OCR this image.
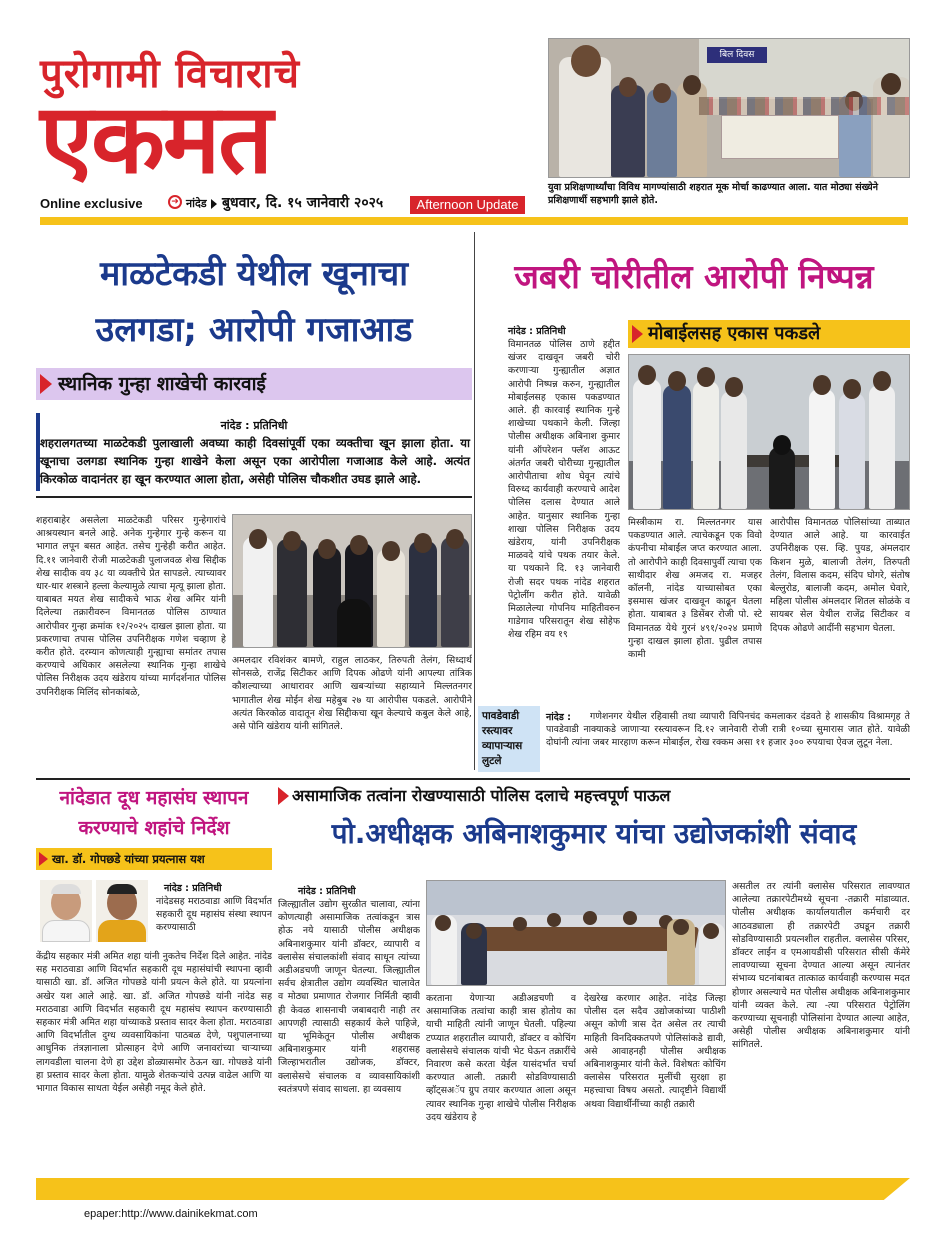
पुरोगामी विचाराचे
एकमत
Online exclusive	➜ नांदेड बुधवार, दि. १५ जानेवारी २०२५	Afternoon Update
बिल दिवस
युवा प्रशिक्षणार्थ्यांचा विविध मागण्यांसाठी शहरात मूक मोर्चा काढण्यात आला. यात मोठ्या संख्येने प्रशिक्षणार्थी सहभागी झाले होते.
माळटेकडी येथील खूनाचा
उलगडा; आरोपी गजाआड
स्थानिक गुन्हा शाखेची कारवाई
नांदेड : प्रतिनिधी
शहरालगतच्या माळटेकडी पुलाखाली अवघ्या काही दिवसांपूर्वी एका व्यक्तीचा खून झाला होता. या खूनाचा उलगडा स्थानिक गुन्हा शाखेने केला असून एका आरोपीला गजाआड केले आहे. अत्यंत किरकोळ वादानंतर हा खून करण्यात आला होता, असेही पोलिस चौकशीत उघड झाले आहे.
शहराबाहेर असलेला माळटेकडी परिसर गुन्हेगारांचे आश्रयस्थान बनले आहे. अनेक गुन्हेगार गुन्हे करून या भागात लपून बसत आहेत. तसेच गुन्हेही करीत आहेत. दि.११ जानेवारी रोजी माळटेकडी पुलाजवळ शेख सिद्दीक शेख सादीक वय ३८ या व्यक्तीचे प्रेत सापडले. त्याच्यावर धार-धार शस्त्राने हल्ला केल्यामुळे त्याचा मृत्यू झाला होता. याबाबत मयत शेख सादीकचे भाऊ शेख अमिर यांनी दिलेल्या तक्रारीवरुन विमानतळ पोलिस ठाण्यात आरोपीवर गुन्हा क्रमांक १२/२०२५ दाखल झाला होता. या प्रकरणाचा तपास पोलिस उपनिरीक्षक गणेश चव्हाण हे करीत होते. दरम्यान कोणत्याही गुन्ह्याचा समांतर तपास करण्याचे अधिकार असलेल्या स्थानिक गुन्हा शाखेचे पोलिस निरीक्षक उदय खंडेराय यांच्या मार्गदर्शनात पोलिस उपनिरीक्षक मिलिंद सोनकांबळे,
अमलदार रविशंकर बामणे, राहुल लाठकर, तिरुपती तेलंग, सिध्दार्थ सोनसळे, राजेंद्र सिटीकर आणि दिपक ओढणे यांनी आपल्या तांत्रिक कौशल्याच्या आधारावर आणि खबऱ्यांच्या सहाय्याने मिल्लतनगर भागातील शेख मोईन शेख महेबुब २७ या आरोपीस पकडले. आरोपीने अत्यंत किरकोळ वादातून शेख सिद्दीकचा खून केल्याचे कबुल केले आहे, असे पोनि खंडेराय यांनी सांगितले.
जबरी चोरीतील आरोपी निष्पन्न
नांदेड : प्रतिनिधी
विमानतळ पोलिस ठाणे हद्दीत खंजर दाखवून जबरी चोरी करणाऱ्या गुन्ह्यातील अज्ञात आरोपी निष्पन्न करुन, गुन्ह्यातील मोबाईलसह एकास पकडण्यात आले. ही कारवाई स्थानिक गुन्हे शाखेच्या पथकाने केली. जिल्हा पोलीस अधीक्षक अबिनाश कुमार यांनी ऑपरेशन फ्लॅश आऊट अंतर्गत जबरी चोरीच्या गुन्ह्यातील आरोपीताचा शोध घेवून त्यांचे विरुध्द कार्यवाही करण्याचे आदेश पोलिस दलास देण्यात आले आहेत. यानुसार स्थानिक गुन्हा शाखा पोलिस निरीक्षक उदय खंडेराय, यांनी उपनिरीक्षक माळवदे यांचे पथक तयार केले. या पथकाने दि. १३ जानेवारी रोजी सदर पथक नांदेड शहरात पेट्रोलींग करीत होते. यावेळी मिळालेल्या गोपनिय माहितीवरुन गाडेगाव परिसरातून शेख सोहेफ शेख रहिम वय १९
मोबाईलसह एकास पकडले
मिस्त्रीकाम रा. मिल्लतनगर यास पकडण्यात आले. त्याचेकडून एक विवो कंपनीचा मोबाईल जप्त करण्यात आला. तो आरोपीने काही दिवसापुर्वी त्याचा एक साथीदार शेख अमजद रा. मजहर कॉलनी, नांदेड याच्यासोबत एका इसमास खंजर दाखवून काढून घेतला होता. याबाबत ३ डिसेंबर रोजी पो. स्टे विमानतळ येथे गुरनं ४९१/२०२४ प्रमाणे गुन्हा दाखल झाला होता. पुढील तपास कामी
आरोपीस विमानतळ पोलिसांच्या ताब्यात देण्यात आले आहे. या कारवाईत उपनिरीक्षक एस. व्हि. पुयड, अंमलदार किशन मुळे, बालाजी तेलंग, तिरुपती तेलंग, विलास कदम, संदिप घोगरे, संतोष बेल्लुरोड, बालाजी कदम, अमोल घेवारे, महिला पोलीस अंमलदार शितल सोळंके व सायबर सेल येथील राजेंद्र सिटीकर व दिपक ओढणे आदींनी सहभाग घेतला.
पावडेवाडी रस्त्यावर व्यापाऱ्यास लुटले
नांदेड :	गणेशनगर येथील रहिवासी तथा व्यापारी विपिनचंद कमलाकर दंडवते हे शासकीय विश्रामगृह ते पावडेवाडी नाक्याकडे जाणाऱ्या रस्त्यावरून दि.१२ जानेवारी रोजी रात्री १०च्या सुमारास जात होते. यावेळी दोघांनी त्यांना जबर मारहाण करून मोबाईल, रोख रक्कम असा ११ हजार ३०० रुपयाचा ऐवज लुटून नेला.
नांदेडात दूध महासंघ स्थापन
करण्याचे शहांचे निर्देश
खा. डॉ. गोपछडे यांच्या प्रयत्नास यश
नांदेड : प्रतिनिधी
नांदेडसह मराठवाडा आणि विदर्भात सहकारी दूध महासंघ संस्था स्थापन करण्यासाठी
केंद्रीय सहकार मंत्री अमित शहा यांनी नुकतेच निर्देश दिले आहेत. नांदेड सह मराठवाडा आणि विदर्भात सहकारी दूध महासंघांची स्थापना व्हावी यासाठी खा. डॉ. अजित गोपछडे यांनी प्रयत्न केले होते. या प्रयत्नांना अखेर यश आले आहे. खा. डॉ. अजित गोपछडे यांनी नांदेड सह मराठवाडा आणि विदर्भात सहकारी दूध महासंघ स्थापन करण्यासाठी सहकार मंत्री अमित शहा यांच्याकडे प्रस्ताव सादर केला होता. मराठवाडा आणि विदर्भातील दुग्ध व्यवसायिकांना पाठबळ देणे, पशुपालनाच्या आधुनिक तंत्रज्ञानाला प्रोत्साहन देणे आणि जनावरांच्या चाऱ्याच्या लागवडीला चालना देणे हा उद्देश डोळ्यासमोर ठेऊन खा. गोपछडे यांनी हा प्रस्ताव सादर केला होता. यामुळे शेतकऱ्यांचे उत्पन्न वाढेल आणि या भागात विकास साधता येईल असेही नमूद केले होते.
असामाजिक तत्वांना रोखण्यासाठी पोलिस दलाचे महत्त्वपूर्ण पाऊल
पो.अधीक्षक अबिनाशकुमार यांचा उद्योजकांशी संवाद
नांदेड : प्रतिनिधी
जिल्ह्यातील उद्योग सुरळीत चालावा, त्यांना कोणत्याही असामाजिक तत्वांकडून त्रास होऊ नये यासाठी पोलीस अधीक्षक अबिनाशकुमार यांनी डॉक्टर, व्यापारी व क्लासेस संचालकांशी संवाद साधून त्यांच्या अडीअडचणी जाणून घेतल्या. जिल्ह्यातील सर्वच क्षेत्रातील उद्योग व्यवस्थित चालावेत व मोठ्या प्रमाणात रोजगार निर्मिती व्हावी ही केवळ शासनाची जबाबदारी नाही तर आपणही त्यासाठी सहकार्य केले पाहिजे, या भूमिकेतून पोलीस अधीक्षक अबिनाशकुमार यांनी शहरासह जिल्हाभरातील उद्योजक, डॉक्टर, क्लासेसचे संचालक व व्यावसायिकांशी स्वतंत्रपणे संवाद साधला. हा व्यवसाय
करताना येणाऱ्या अडीअडचणी व असामाजिक तत्वांचा काही त्रास होतोय का याची माहिती त्यांनी जाणून घेतली. पहिल्या टप्प्यात शहरातील व्यापारी, डॉक्टर व कोचिंग क्लासेसचे संचालक यांची भेट घेऊन तक्रारींचे निवारण कसे करता येईल यासंदर्भात चर्चा करण्यात आली. तक्रारी सोडविण्यासाठी व्हॉट्सअॅप ग्रुप तयार करण्यात आला असून त्यावर स्थानिक गुन्हा शाखेचे पोलीस निरीक्षक उदय खंडेराय हे
देखरेख करणार आहेत. नांदेड जिल्हा पोलीस दल सदैव उद्योजकांच्या पाठीशी असून कोणी त्रास देत असेल तर त्याची माहिती विनदिक्कतपणे पोलिसांकडे द्यावी, असे आवाहनही पोलीस अधीक्षक अबिनाशकुमार यांनी केले. विशेषतः कोचिंग क्लासेस परिसरात मुलींची सुरक्षा हा महत्त्वाचा विषय असतो. त्यादृष्टीने विद्यार्थी अथवा विद्यार्थीनींच्या काही तक्रारी
असतील तर त्यांनी क्लासेस परिसरात लावण्यात आलेल्या तक्रारपेटीमध्ये सूचना -तक्रारी मांडाव्यात. पोलीस अधीक्षक कार्यालयातील कर्मचारी दर आठवड्याला ही तक्रारपेटी उघडून तक्रारी सोडविण्यासाठी प्रयत्नशील राहतील. क्लासेस परिसर, डॉक्टर लाईन व एमआयडीसी परिसरात सीसी कॅमेरे लावण्याच्या सूचना देण्यात आल्या असून त्यानंतर संभाव्य घटनांबाबत तात्काळ कार्यवाही करण्यास मदत होणार असल्याचे मत पोलीस अधीक्षक अबिनाशकुमार यांनी व्यक्त केले. त्या -त्या परिसरात पेट्रोलिंग करण्याच्या सूचनाही पोलिसांना देण्यात आल्या आहेत, असेही पोलीस अधीक्षक अबिनाशकुमार यांनी सांगितले.
epaper:http://www.dainikekmat.com
